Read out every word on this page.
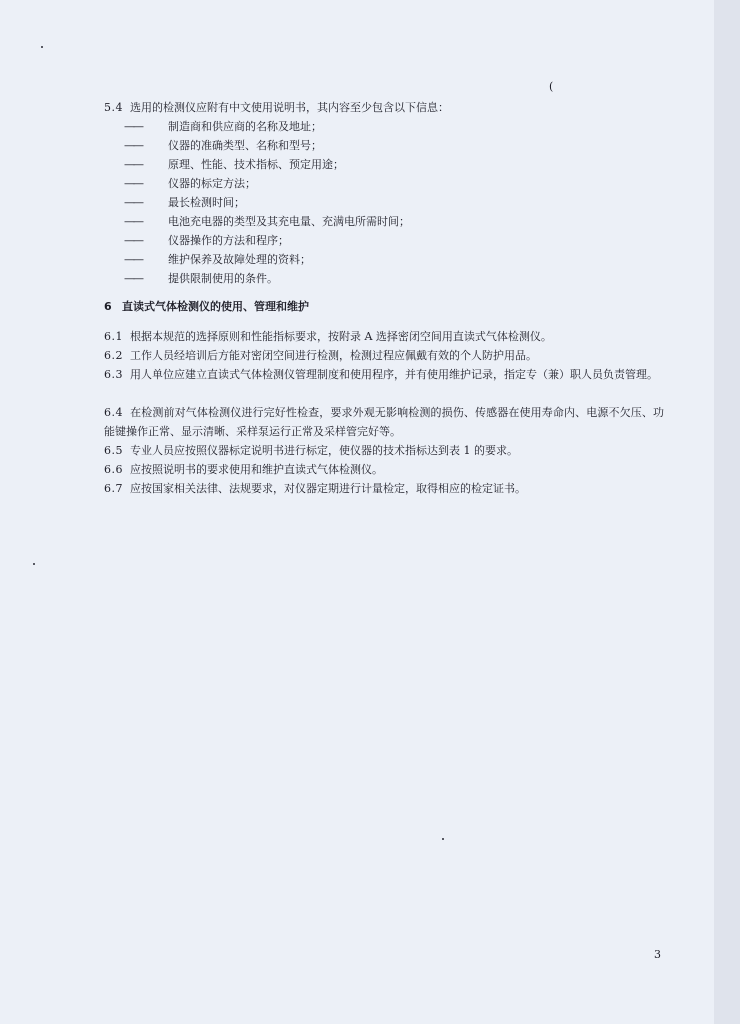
(
5.4 选用的检测仪应附有中文使用说明书，其内容至少包含以下信息：
—— 制造商和供应商的名称及地址；
—— 仪器的准确类型、名称和型号；
—— 原理、性能、技术指标、预定用途；
—— 仪器的标定方法；
—— 最长检测时间；
—— 电池充电器的类型及其充电量、充满电所需时间；
—— 仪器操作的方法和程序；
—— 维护保养及故障处理的资料；
—— 提供限制使用的条件。
6 直读式气体检测仪的使用、管理和维护
6.1 根据本规范的选择原则和性能指标要求，按附录 A 选择密闭空间用直读式气体检测仪。
6.2 工作人员经培训后方能对密闭空间进行检测，检测过程应佩戴有效的个人防护用品。
6.3 用人单位应建立直读式气体检测仪管理制度和使用程序，并有使用维护记录，指定专（兼）职人员负责管理。
6.4 在检测前对气体检测仪进行完好性检查，要求外观无影响检测的损伤、传感器在使用寿命内、电源不欠压、功能键操作正常、显示清晰、采样泵运行正常及采样管完好等。
6.5 专业人员应按照仪器标定说明书进行标定，使仪器的技术指标达到表 1 的要求。
6.6 应按照说明书的要求使用和维护直读式气体检测仪。
6.7 应按国家相关法律、法规要求，对仪器定期进行计量检定，取得相应的检定证书。
3
